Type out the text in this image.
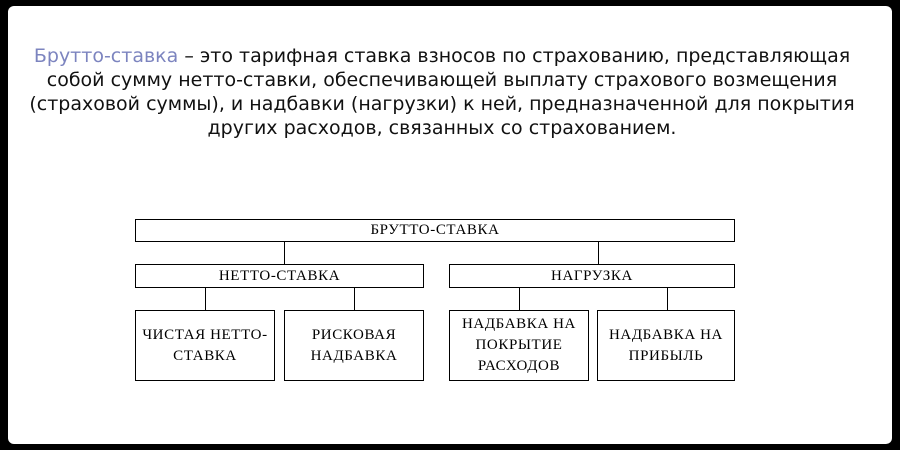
Брутто-ставка – это тарифная ставка взносов по страхованию, представляющая собой сумму нетто-ставки, обеспечивающей выплату страхового возмещения (страховой суммы), и надбавки (нагрузки) к ней, предназначенной для покрытия других расходов, связанных со страхованием.
БРУТТО-СТАВКА
НЕТТО-СТАВКА	НАГРУЗКА
ЧИСТАЯ НЕТТО-СТАВКА
РИСКОВАЯ НАДБАВКА
НАДБАВКА НА ПОКРЫТИЕ РАСХОДОВ
НАДБАВКА НА ПРИБЫЛЬ
